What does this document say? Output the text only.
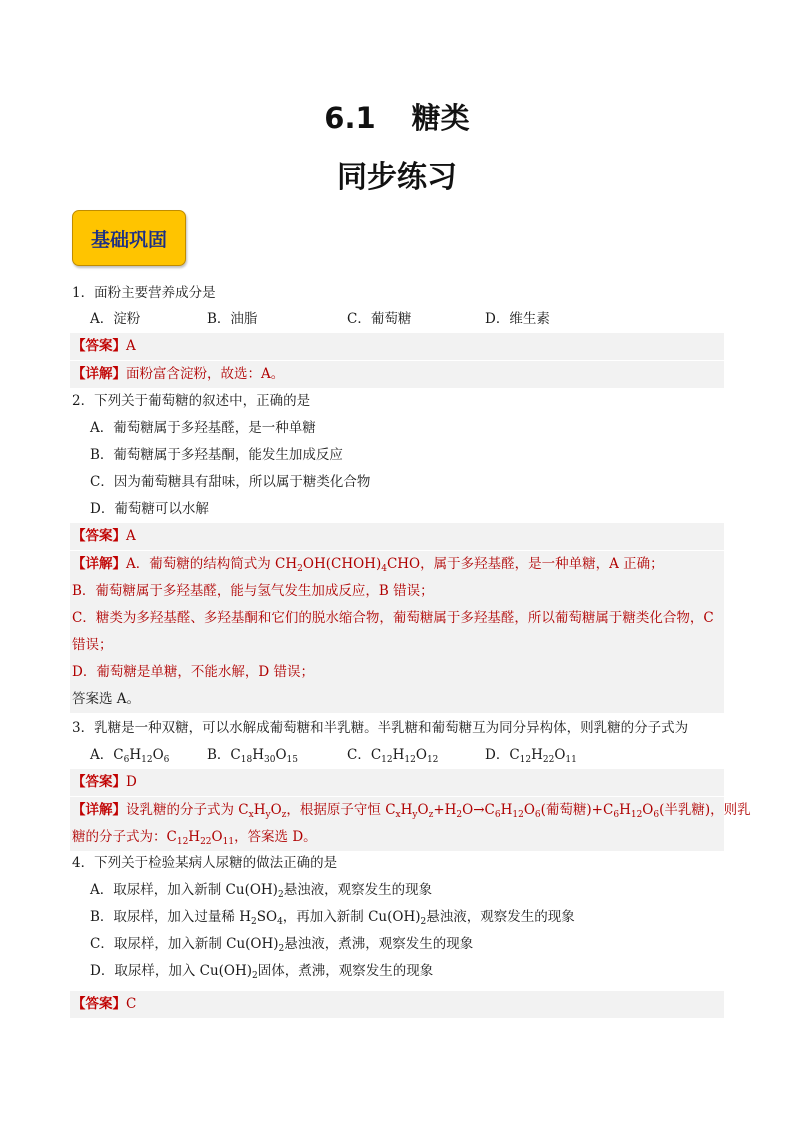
6.1 糖类
同步练习
基础巩固
1．面粉主要营养成分是
A．淀粉	B．油脂	C．葡萄糖	D．维生素
【答案】A
【详解】面粉富含淀粉，故选：A。
2．下列关于葡萄糖的叙述中，正确的是
A．葡萄糖属于多羟基醛，是一种单糖
B．葡萄糖属于多羟基酮，能发生加成反应
C．因为葡萄糖具有甜味，所以属于糖类化合物
D．葡萄糖可以水解
【答案】A
【详解】A．葡萄糖的结构简式为 $CH_2OH(CHOH)_4CHO$，属于多羟基醛，是一种单糖，A 正确；
B．葡萄糖属于多羟基醛，能与氢气发生加成反应，B 错误；
C．糖类为多羟基醛、多羟基酮和它们的脱水缩合物，葡萄糖属于多羟基醛，所以葡萄糖属于糖类化合物，C
错误；
D．葡萄糖是单糖，不能水解，D 错误；
答案选 A。
3．乳糖是一种双糖，可以水解成葡萄糖和半乳糖。半乳糖和葡萄糖互为同分异构体，则乳糖的分子式为
A．$C_6H_{12}O_6$	B．$C_{18}H_{30}O_{15}$	C．$C_{12}H_{12}O_{12}$	D．$C_{12}H_{22}O_{11}$
【答案】D
【详解】设乳糖的分子式为 $C_xH_yO_z$，根据原子守恒 $C_xH_yO_z+H_2O\to C_6H_{12}O_6$(葡萄糖)$+C_6H_{12}O_6$(半乳糖)，则乳
糖的分子式为：$C_{12}H_{22}O_{11}$，答案选 D。
4．下列关于检验某病人尿糖的做法正确的是
A．取尿样，加入新制 $Cu(OH)_2$悬浊液，观察发生的现象
B．取尿样，加入过量稀 $H_2SO_4$，再加入新制 $Cu(OH)_2$悬浊液，观察发生的现象
C．取尿样，加入新制 $Cu(OH)_2$悬浊液，煮沸，观察发生的现象
D．取尿样，加入 $Cu(OH)_2$固体，煮沸，观察发生的现象
【答案】C
